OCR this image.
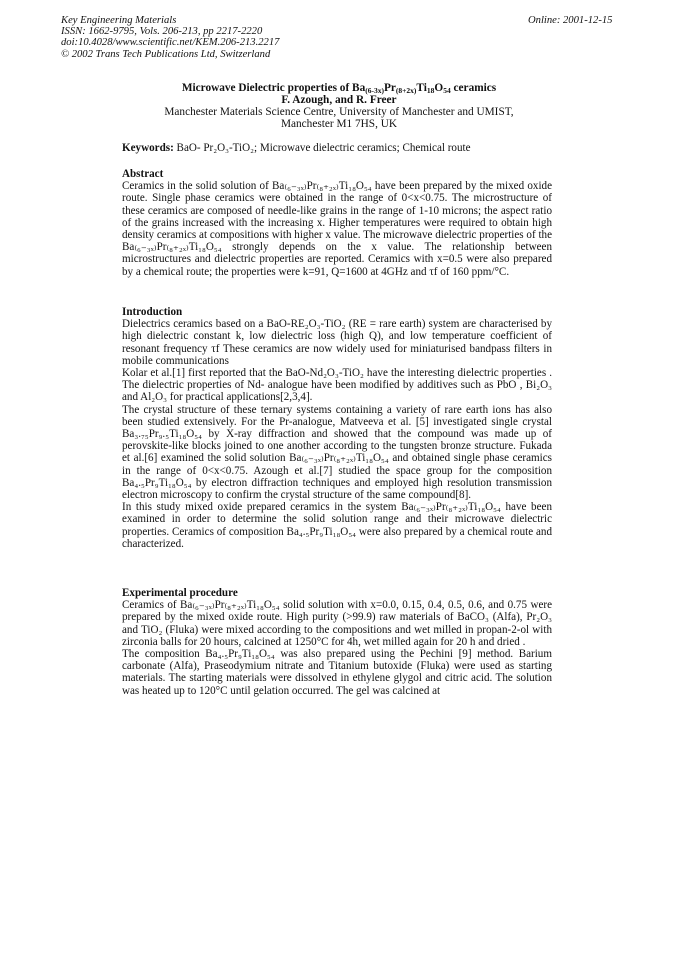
Key Engineering Materials
ISSN: 1662-9795, Vols. 206-213, pp 2217-2220
doi:10.4028/www.scientific.net/KEM.206-213.2217
© 2002 Trans Tech Publications Ltd, Switzerland
Online: 2001-12-15
Microwave Dielectric properties of $Ba_{(6-3x)}Pr_{(8+2x)}Ti_{18}O_{54}$ ceramics
F. Azough, and R. Freer
Manchester Materials Science Centre, University of Manchester and UMIST,
Manchester M1 7HS, UK
Keywords: BaO- Pr₂O₃-TiO₂; Microwave dielectric ceramics; Chemical route

Abstract

Ceramics in the solid solution of Ba₍₆₋₃ₓ₎Pr₍₈₊₂ₓ₎Ti₁₈O₅₄ have been prepared by the mixed oxide route. Single phase ceramics were obtained in the range of 0<x<0.75. The microstructure of these ceramics are composed of needle-like grains in the range of 1-10 microns; the aspect ratio of the grains increased with the increasing x. Higher temperatures were required to obtain high density ceramics at compositions with higher x value. The microwave dielectric properties of the Ba₍₆₋₃ₓ₎Pr₍₈₊₂ₓ₎Ti₁₈O₅₄ strongly depends on the x value. The relationship between microstructures and dielectric properties are reported. Ceramics with x=0.5 were also prepared by a chemical route; the properties were k=91, Q=1600 at 4GHz and τf of 160 ppm/°C.

Introduction

Dielectrics ceramics based on a BaO-RE₂O₃-TiO₂ (RE = rare earth) system are characterised by high dielectric constant k, low dielectric loss (high Q), and low temperature coefficient of resonant frequency τf These ceramics are now widely used for miniaturised bandpass filters in mobile communications

Kolar et al.[1] first reported that the BaO-Nd₂O₃-TiO₂ have the interesting dielectric properties . The dielectric properties of Nd- analogue have been modified by additives such as PbO , Bi₂O₃ and Al₂O₃ for practical applications[2,3,4].

The crystal structure of these ternary systems containing a variety of rare earth ions has also been studied extensively. For the Pr-analogue, Matveeva et al. [5] investigated single crystal Ba₃.₇₅Pr₉.₅Ti₁₈O₅₄ by X-ray diffraction and showed that the compound was made up of perovskite-like blocks joined to one another according to the tungsten bronze structure. Fukada et al.[6] examined the solid solution Ba₍₆₋₃ₓ₎Pr₍₈₊₂ₓ₎Ti₁₈O₅₄ and obtained single phase ceramics in the range of 0<x<0.75. Azough et al.[7] studied the space group for the composition Ba₄.₅Pr₉Ti₁₈O₅₄ by electron diffraction techniques and employed high resolution transmission electron microscopy to confirm the crystal structure of the same compound[8].

In this study mixed oxide prepared ceramics in the system Ba₍₆₋₃ₓ₎Pr₍₈₊₂ₓ₎Ti₁₈O₅₄ have been examined in order to determine the solid solution range and their microwave dielectric properties. Ceramics of composition Ba₄.₅Pr₉Ti₁₈O₅₄ were also prepared by a chemical route and characterized.

Experimental procedure

Ceramics of Ba₍₆₋₃ₓ₎Pr₍₈₊₂ₓ₎Ti₁₈O₅₄ solid solution with x=0.0, 0.15, 0.4, 0.5, 0.6, and 0.75 were prepared by the mixed oxide route. High purity (>99.9) raw materials of BaCO₃ (Alfa), Pr₂O₃ and TiO₂ (Fluka) were mixed according to the compositions and wet milled in propan-2-ol with zirconia balls for 20 hours, calcined at 1250°C for 4h, wet milled again for 20 h and dried .

The composition Ba₄.₅Pr₉Ti₁₈O₅₄ was also prepared using the Pechini [9] method. Barium carbonate (Alfa), Praseodymium nitrate and Titanium butoxide (Fluka) were used as starting materials. The starting materials were dissolved in ethylene glygol and citric acid. The solution was heated up to 120°C until gelation occurred. The gel was calcined at
